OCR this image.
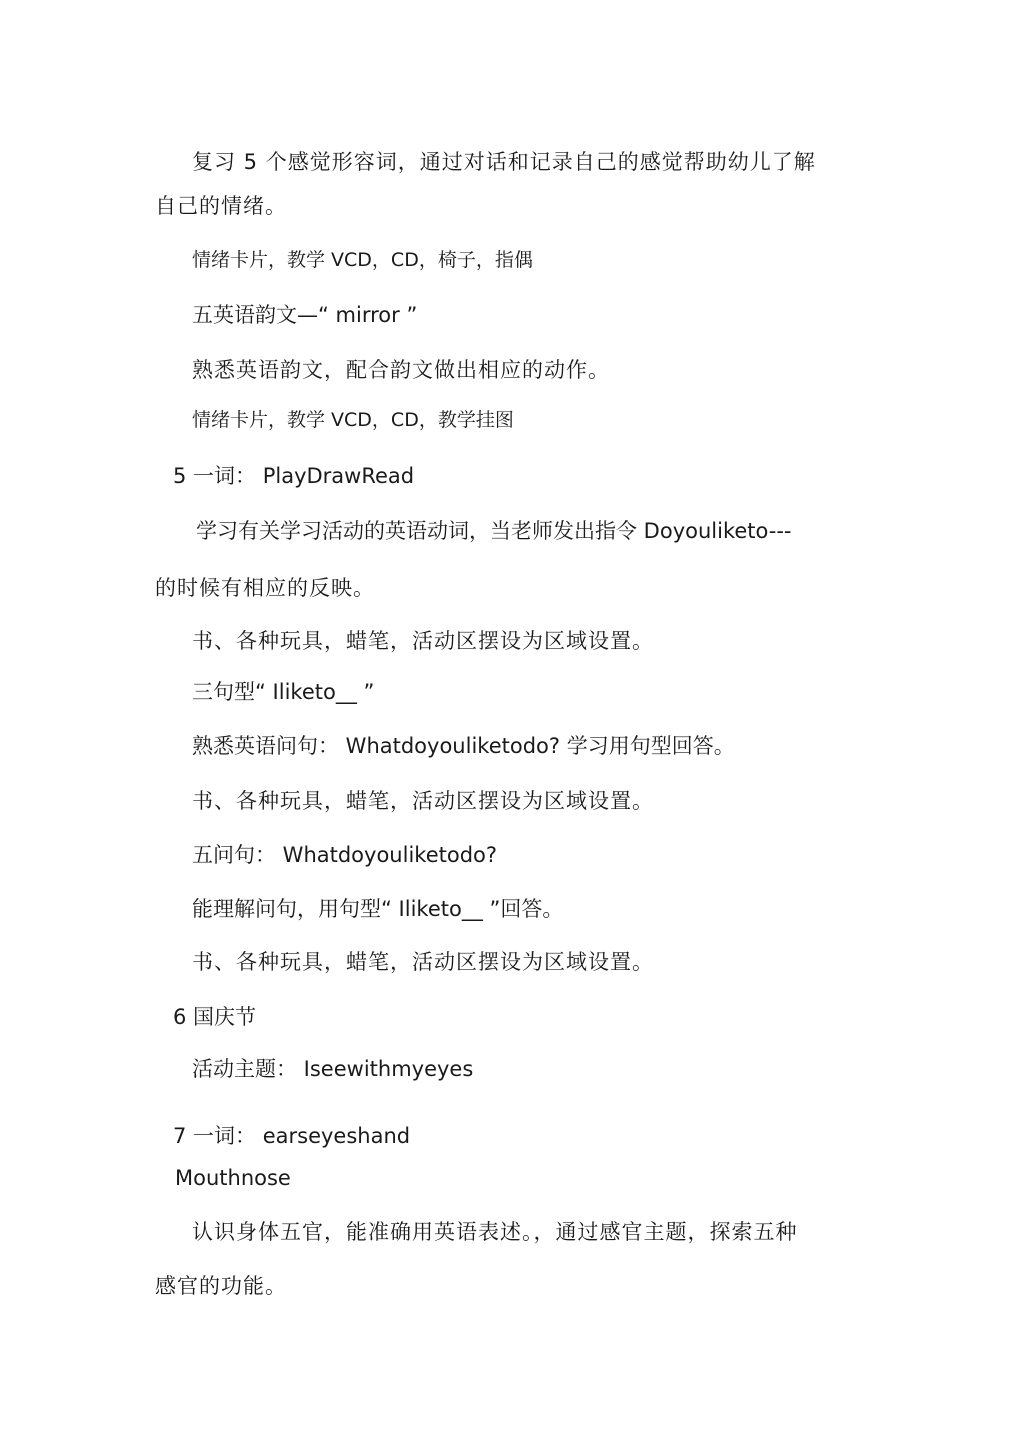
复习 5 个感觉形容词，通过对话和记录自己的感觉帮助幼儿了解
自己的情绪。
情绪卡片，教学 VCD，CD，椅子，指偶
五英语韵文—“ mirror ”
熟悉英语韵文，配合韵文做出相应的动作。
情绪卡片，教学 VCD，CD，教学挂图
5 一词： PlayDrawRead
学习有关学习活动的英语动词，当老师发出指令 Doyouliketo---
的时候有相应的反映。
书、各种玩具，蜡笔，活动区摆设为区域设置。
三句型“ Iliketo__ ”
熟悉英语问句： Whatdoyouliketodo? 学习用句型回答。
书、各种玩具，蜡笔，活动区摆设为区域设置。
五问句： Whatdoyouliketodo?
能理解问句，用句型“ Iliketo__ ”回答。
书、各种玩具，蜡笔，活动区摆设为区域设置。
6 国庆节
活动主题： Iseewithmyeyes
7 一词： earseyeshand
Mouthnose
认识身体五官，能准确用英语表述。，通过感官主题，探索五种
感官的功能。
